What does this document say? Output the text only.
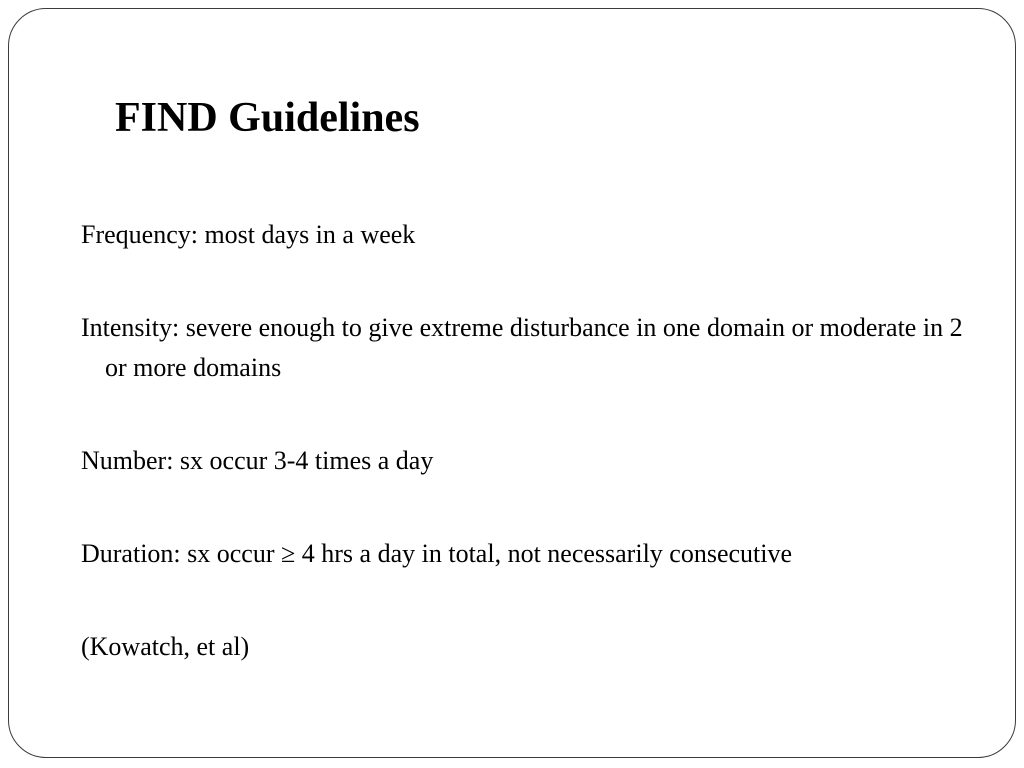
FIND Guidelines
Frequency: most days in a week
Intensity: severe enough to give extreme disturbance in one domain or moderate in 2 or more domains
Number: sx occur 3-4 times a day
Duration: sx occur ≥ 4 hrs a day in total, not necessarily consecutive
(Kowatch, et al)
